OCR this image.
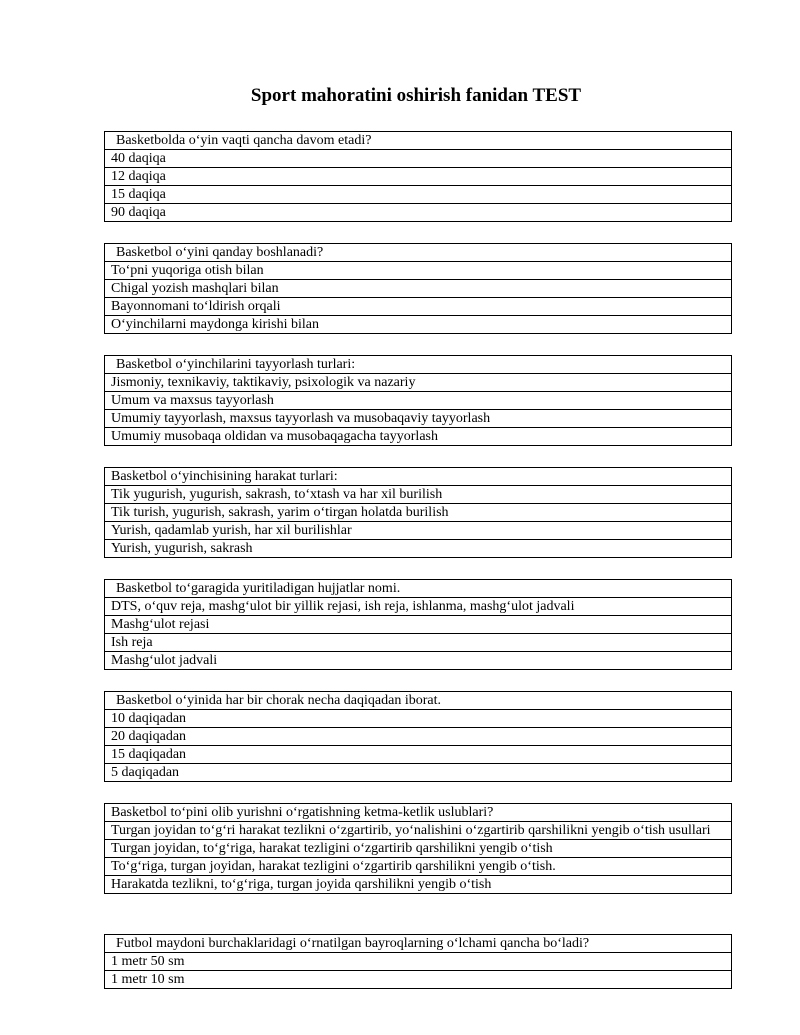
Sport mahoratini oshirish fanidan TEST
Basketbolda o‘yin vaqti qancha davom etadi?
40 daqiqa
12 daqiqa
15 daqiqa
90 daqiqa
Basketbol o‘yini qanday boshlanadi?
To‘pni yuqoriga otish bilan
Chigal yozish mashqlari bilan
Bayonnomani to‘ldirish orqali
O‘yinchilarni maydonga kirishi bilan
Basketbol o‘yinchilarini tayyorlash turlari:
Jismoniy, texnikaviy, taktikaviy, psixologik va nazariy
Umum va maxsus tayyorlash
Umumiy tayyorlash, maxsus tayyorlash va musobaqaviy tayyorlash
Umumiy musobaqa oldidan va musobaqagacha tayyorlash
Basketbol o‘yinchisining harakat turlari:
Tik yugurish, yugurish, sakrash, to‘xtash va har xil burilish
Tik turish, yugurish, sakrash, yarim o‘tirgan holatda burilish
Yurish, qadamlab yurish, har xil burilishlar
Yurish, yugurish, sakrash
Basketbol to‘garagida yuritiladigan hujjatlar nomi.
DTS, o‘quv reja, mashg‘ulot bir yillik rejasi, ish reja, ishlanma, mashg‘ulot jadvali
Mashg‘ulot rejasi
Ish reja
Mashg‘ulot jadvali
Basketbol o‘yinida har bir chorak necha daqiqadan iborat.
10 daqiqadan
20 daqiqadan
15 daqiqadan
5 daqiqadan
Basketbol to‘pini olib yurishni o‘rgatishning ketma-ketlik uslublari?
Turgan joyidan to‘g‘ri harakat tezlikni o‘zgartirib, yo‘nalishini o‘zgartirib qarshilikni yengib o‘tish usullari
Turgan joyidan, to‘g‘riga, harakat tezligini o‘zgartirib qarshilikni yengib o‘tish
To‘g‘riga, turgan joyidan, harakat tezligini o‘zgartirib qarshilikni yengib o‘tish.
Harakatda tezlikni, to‘g‘riga, turgan joyida qarshilikni yengib o‘tish
Futbol maydoni burchaklaridagi o‘rnatilgan bayroqlarning o‘lchami qancha bo‘ladi?
1 metr 50 sm
1 metr 10 sm
